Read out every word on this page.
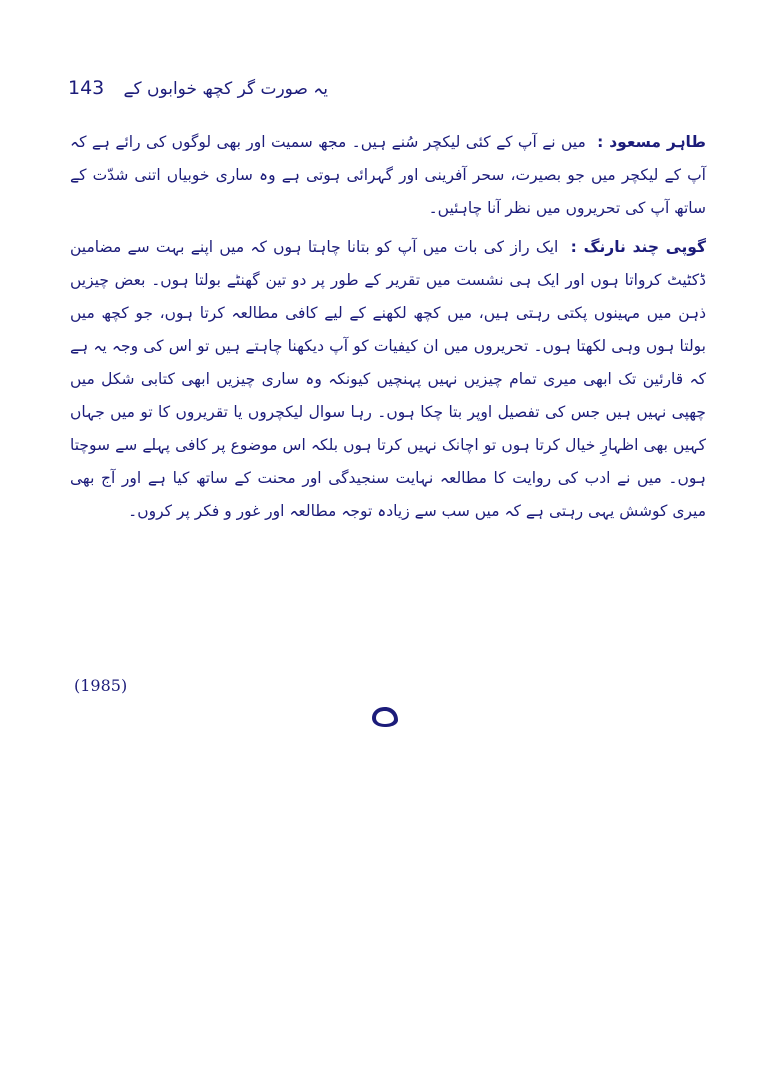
143 یہ صورت گر کچھ خوابوں کے

طاہر مسعود : میں نے آپ کے کئی لیکچر سُنے ہیں۔ مجھ سمیت اور بھی لوگوں کی رائے ہے کہ آپ کے لیکچر میں جو بصیرت، سحر آفرینی اور گہرائی ہوتی ہے وہ ساری خوبیاں اتنی شدّت کے ساتھ آپ کی تحریروں میں نظر آنا چاہئیں۔

گوپی چند نارنگ : ایک راز کی بات میں آپ کو بتانا چاہتا ہوں کہ میں اپنے بہت سے مضامین ڈکٹیٹ کرواتا ہوں اور ایک ہی نشست میں تقریر کے طور پر دو تین گھنٹے بولتا ہوں۔ بعض چیزیں ذہن میں مہینوں پکتی رہتی ہیں، میں کچھ لکھنے کے لیے کافی مطالعہ کرتا ہوں، جو کچھ میں بولتا ہوں وہی لکھتا ہوں۔ تحریروں میں ان کیفیات کو آپ دیکھنا چاہتے ہیں تو اس کی وجہ یہ ہے کہ قارئین تک ابھی میری تمام چیزیں نہیں پہنچیں کیونکہ وہ ساری چیزیں ابھی کتابی شکل میں چھپی نہیں ہیں جس کی تفصیل اوپر بتا چکا ہوں۔ رہا سوال لیکچروں یا تقریروں کا تو میں جہاں کہیں بھی اظہارِ خیال کرتا ہوں تو اچانک نہیں کرتا ہوں بلکہ اس موضوع پر کافی پہلے سے سوچتا ہوں۔ میں نے ادب کی روایت کا مطالعہ نہایت سنجیدگی اور محنت کے ساتھ کیا ہے اور آج بھی میری کوشش یہی رہتی ہے کہ میں سب سے زیادہ توجہ مطالعہ اور غور و فکر پر کروں۔

(1985)
